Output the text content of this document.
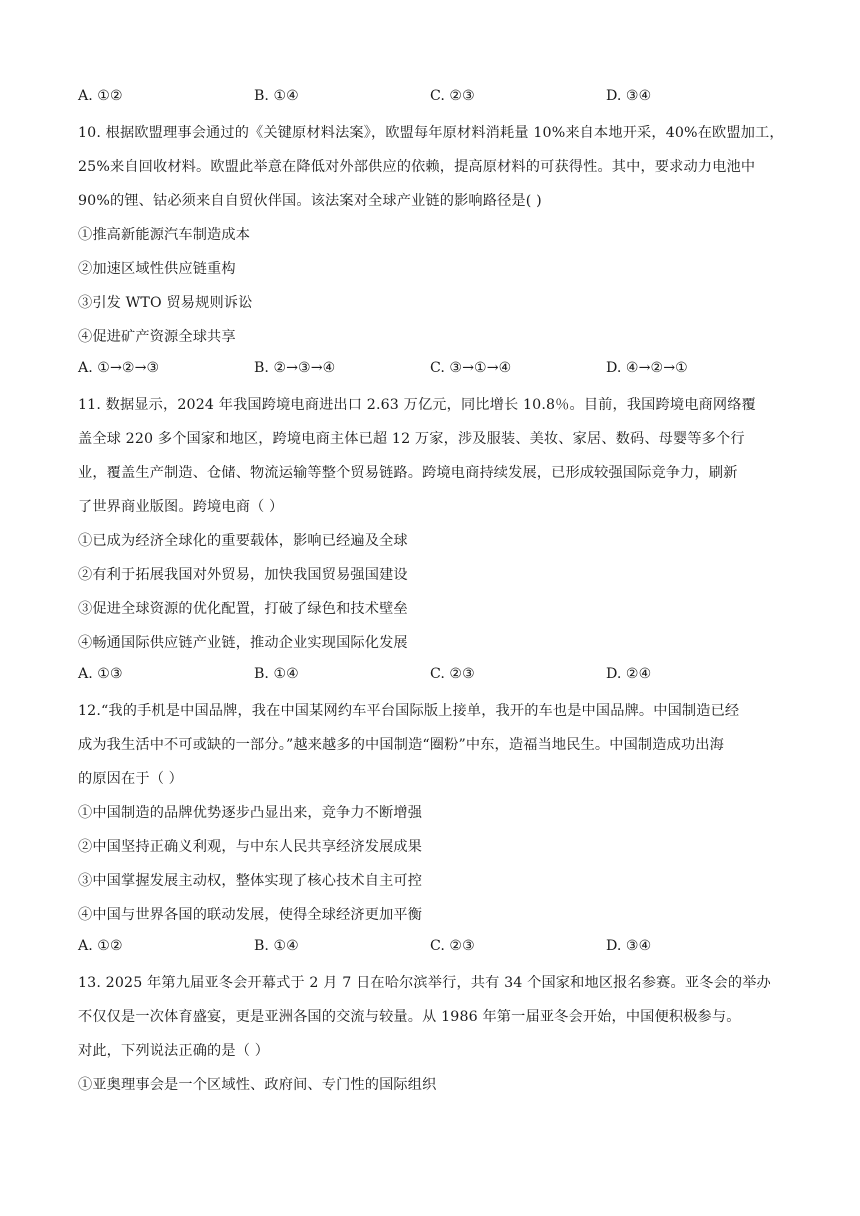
A. ①②	B. ①④	C. ②③	D. ③④
10. 根据欧盟理事会通过的《关键原材料法案》，欧盟每年原材料消耗量 10%来自本地开采，40%在欧盟加工，
25%来自回收材料。欧盟此举意在降低对外部供应的依赖，提高原材料的可获得性。其中，要求动力电池中
90%的锂、钴必须来自自贸伙伴国。该法案对全球产业链的影响路径是( )
①推高新能源汽车制造成本
②加速区域性供应链重构
③引发 WTO 贸易规则诉讼
④促进矿产资源全球共享
A. ①→②→③	B. ②→③→④	C. ③→①→④	D. ④→②→①
11. 数据显示，2024 年我国跨境电商进出口 2.63 万亿元，同比增长 10.8％。目前，我国跨境电商网络覆
盖全球 220 多个国家和地区，跨境电商主体已超 12 万家，涉及服装、美妆、家居、数码、母婴等多个行
业，覆盖生产制造、仓储、物流运输等整个贸易链路。跨境电商持续发展，已形成较强国际竞争力，刷新
了世界商业版图。跨境电商（ ）
①已成为经济全球化的重要载体，影响已经遍及全球
②有利于拓展我国对外贸易，加快我国贸易强国建设
③促进全球资源的优化配置，打破了绿色和技术壁垒
④畅通国际供应链产业链，推动企业实现国际化发展
A. ①③	B. ①④	C. ②③	D. ②④
12.“我的手机是中国品牌，我在中国某网约车平台国际版上接单，我开的车也是中国品牌。中国制造已经
成为我生活中不可或缺的一部分。”越来越多的中国制造“圈粉”中东，造福当地民生。中国制造成功出海
的原因在于（ ）
①中国制造的品牌优势逐步凸显出来，竞争力不断增强
②中国坚持正确义利观，与中东人民共享经济发展成果
③中国掌握发展主动权，整体实现了核心技术自主可控
④中国与世界各国的联动发展，使得全球经济更加平衡
A. ①②	B. ①④	C. ②③	D. ③④
13. 2025 年第九届亚冬会开幕式于 2 月 7 日在哈尔滨举行，共有 34 个国家和地区报名参赛。亚冬会的举办
不仅仅是一次体育盛宴，更是亚洲各国的交流与较量。从 1986 年第一届亚冬会开始，中国便积极参与。
对此，下列说法正确的是（ ）
①亚奥理事会是一个区域性、政府间、专门性的国际组织
